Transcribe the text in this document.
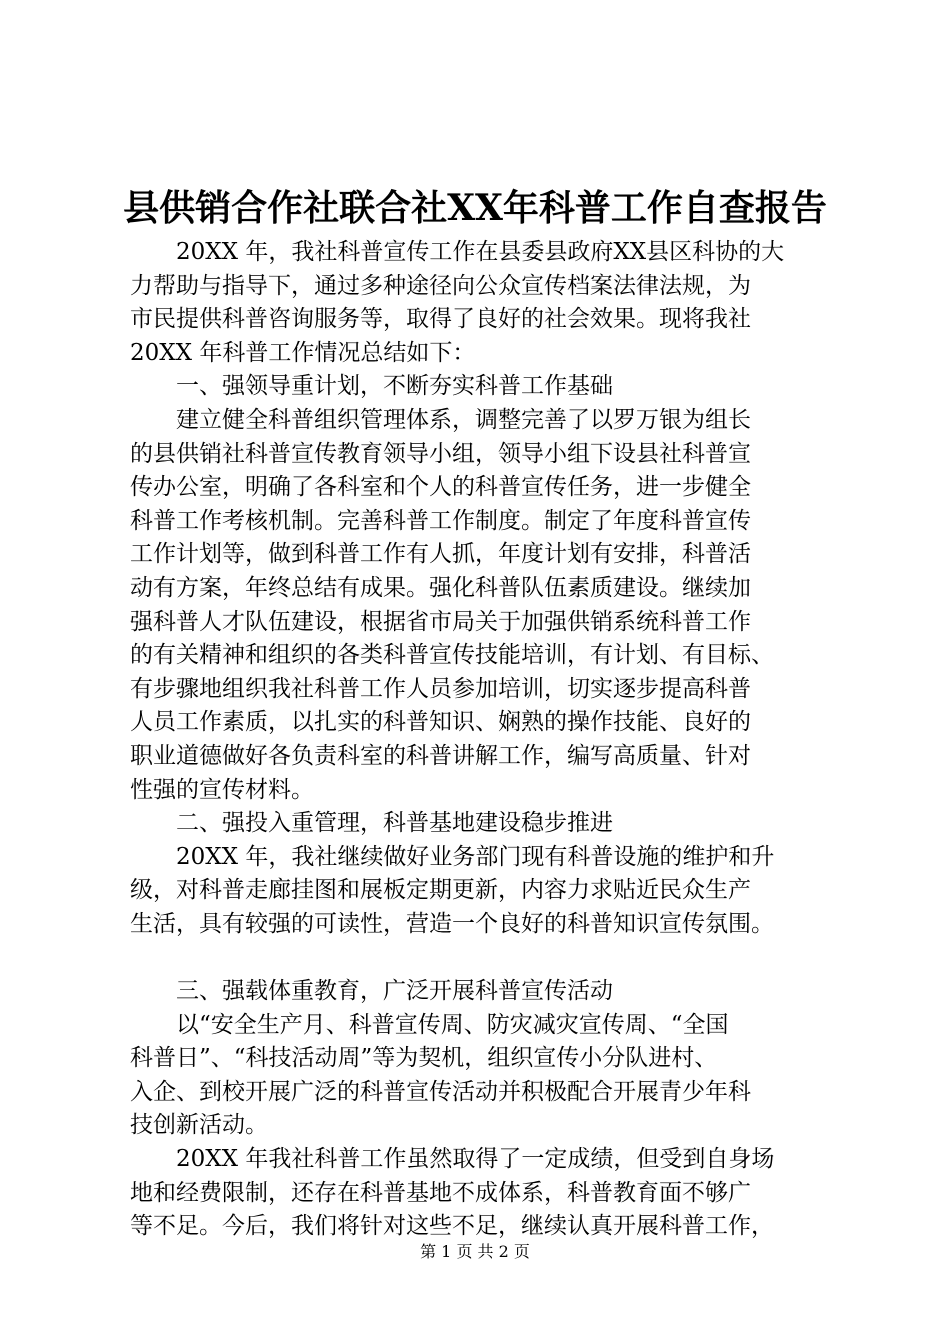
县供销合作社联合社XX年科普工作自查报告
20XX 年，我社科普宣传工作在县委县政府XX县区科协的大
力帮助与指导下，通过多种途径向公众宣传档案法律法规，为
市民提供科普咨询服务等，取得了良好的社会效果。现将我社
20XX 年科普工作情况总结如下：
一、强领导重计划，不断夯实科普工作基础
建立健全科普组织管理体系，调整完善了以罗万银为组长
的县供销社科普宣传教育领导小组，领导小组下设县社科普宣
传办公室，明确了各科室和个人的科普宣传任务，进一步健全
科普工作考核机制。完善科普工作制度。制定了年度科普宣传
工作计划等，做到科普工作有人抓，年度计划有安排，科普活
动有方案，年终总结有成果。强化科普队伍素质建设。继续加
强科普人才队伍建设，根据省市局关于加强供销系统科普工作
的有关精神和组织的各类科普宣传技能培训，有计划、有目标、
有步骤地组织我社科普工作人员参加培训，切实逐步提高科普
人员工作素质，以扎实的科普知识、娴熟的操作技能、良好的
职业道德做好各负责科室的科普讲解工作，编写高质量、针对
性强的宣传材料。
二、强投入重管理，科普基地建设稳步推进
20XX 年，我社继续做好业务部门现有科普设施的维护和升
级，对科普走廊挂图和展板定期更新，内容力求贴近民众生产
生活，具有较强的可读性，营造一个良好的科普知识宣传氛围。
三、强载体重教育，广泛开展科普宣传活动
以“安全生产月、科普宣传周、防灾减灾宣传周、“全国
科普日”、“科技活动周”等为契机，组织宣传小分队进村、
入企、到校开展广泛的科普宣传活动并积极配合开展青少年科
技创新活动。
20XX 年我社科普工作虽然取得了一定成绩，但受到自身场
地和经费限制，还存在科普基地不成体系，科普教育面不够广
等不足。今后，我们将针对这些不足，继续认真开展科普工作，
第 1 页 共 2 页
